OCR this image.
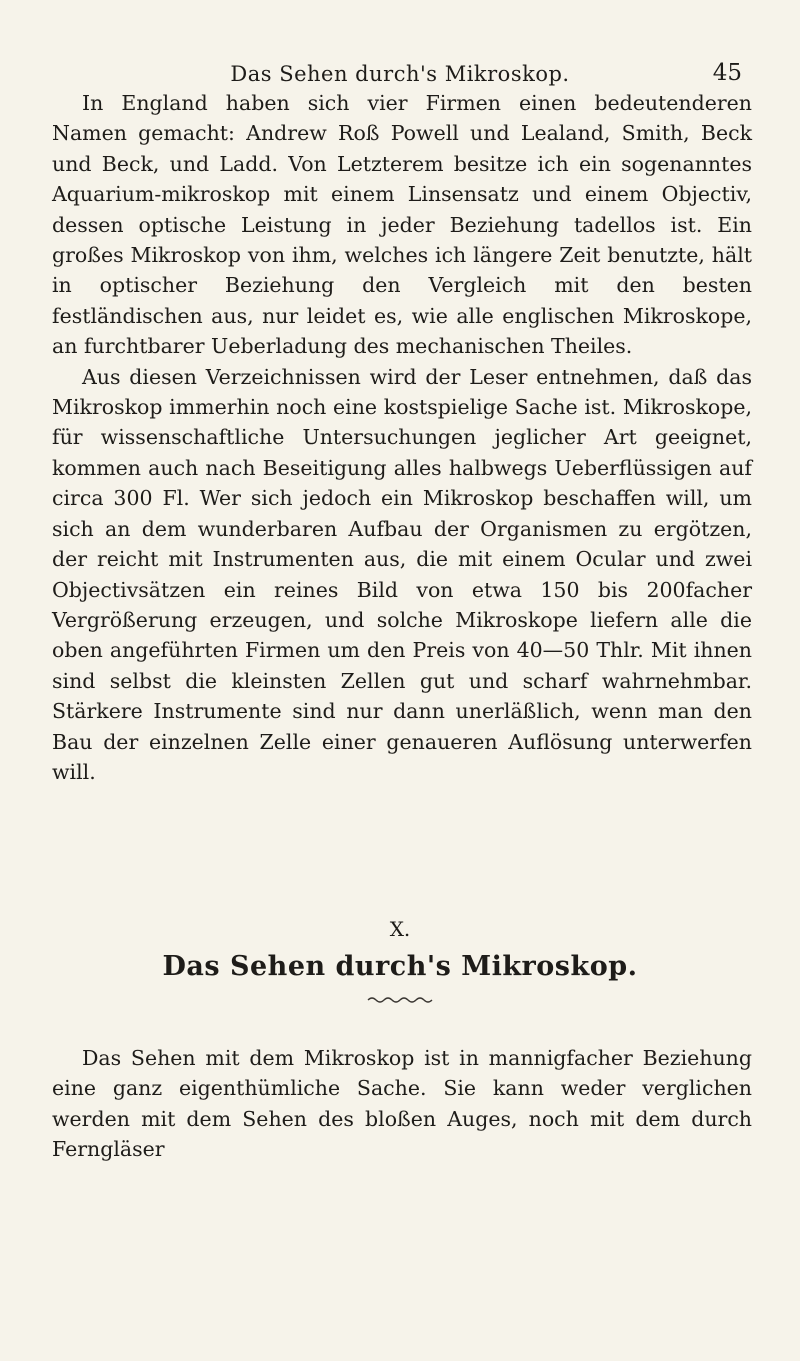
Das Sehen durch's Mikroskop.	45

In England haben sich vier Firmen einen bedeutenderen Namen gemacht: Andrew Roß Powell und Lealand, Smith, Beck und Beck, und Ladd. Von Letzterem besitze ich ein sogenanntes Aquarium-mikroskop mit einem Linsensatz und einem Objectiv, dessen optische Leistung in jeder Beziehung tadellos ist. Ein großes Mikroskop von ihm, welches ich längere Zeit benutzte, hält in optischer Beziehung den Vergleich mit den besten festländischen aus, nur leidet es, wie alle englischen Mikroskope, an furchtbarer Ueberladung des mechanischen Theiles.

Aus diesen Verzeichnissen wird der Leser entnehmen, daß das Mikroskop immerhin noch eine kostspielige Sache ist. Mikroskope, für wissenschaftliche Untersuchungen jeglicher Art geeignet, kommen auch nach Beseitigung alles halbwegs Ueberflüssigen auf circa 300 Fl. Wer sich jedoch ein Mikroskop beschaffen will, um sich an dem wunderbaren Aufbau der Organismen zu ergötzen, der reicht mit Instrumenten aus, die mit einem Ocular und zwei Objectivsätzen ein reines Bild von etwa 150 bis 200facher Vergrößerung erzeugen, und solche Mikroskope liefern alle die oben angeführten Firmen um den Preis von 40—50 Thlr. Mit ihnen sind selbst die kleinsten Zellen gut und scharf wahrnehmbar. Stärkere Instrumente sind nur dann unerläßlich, wenn man den Bau der einzelnen Zelle einer genaueren Auflösung unterwerfen will.

X.
Das Sehen durch's Mikroskop.

Das Sehen mit dem Mikroskop ist in mannigfacher Beziehung eine ganz eigenthümliche Sache. Sie kann weder verglichen werden mit dem Sehen des bloßen Auges, noch mit dem durch Ferngläser
